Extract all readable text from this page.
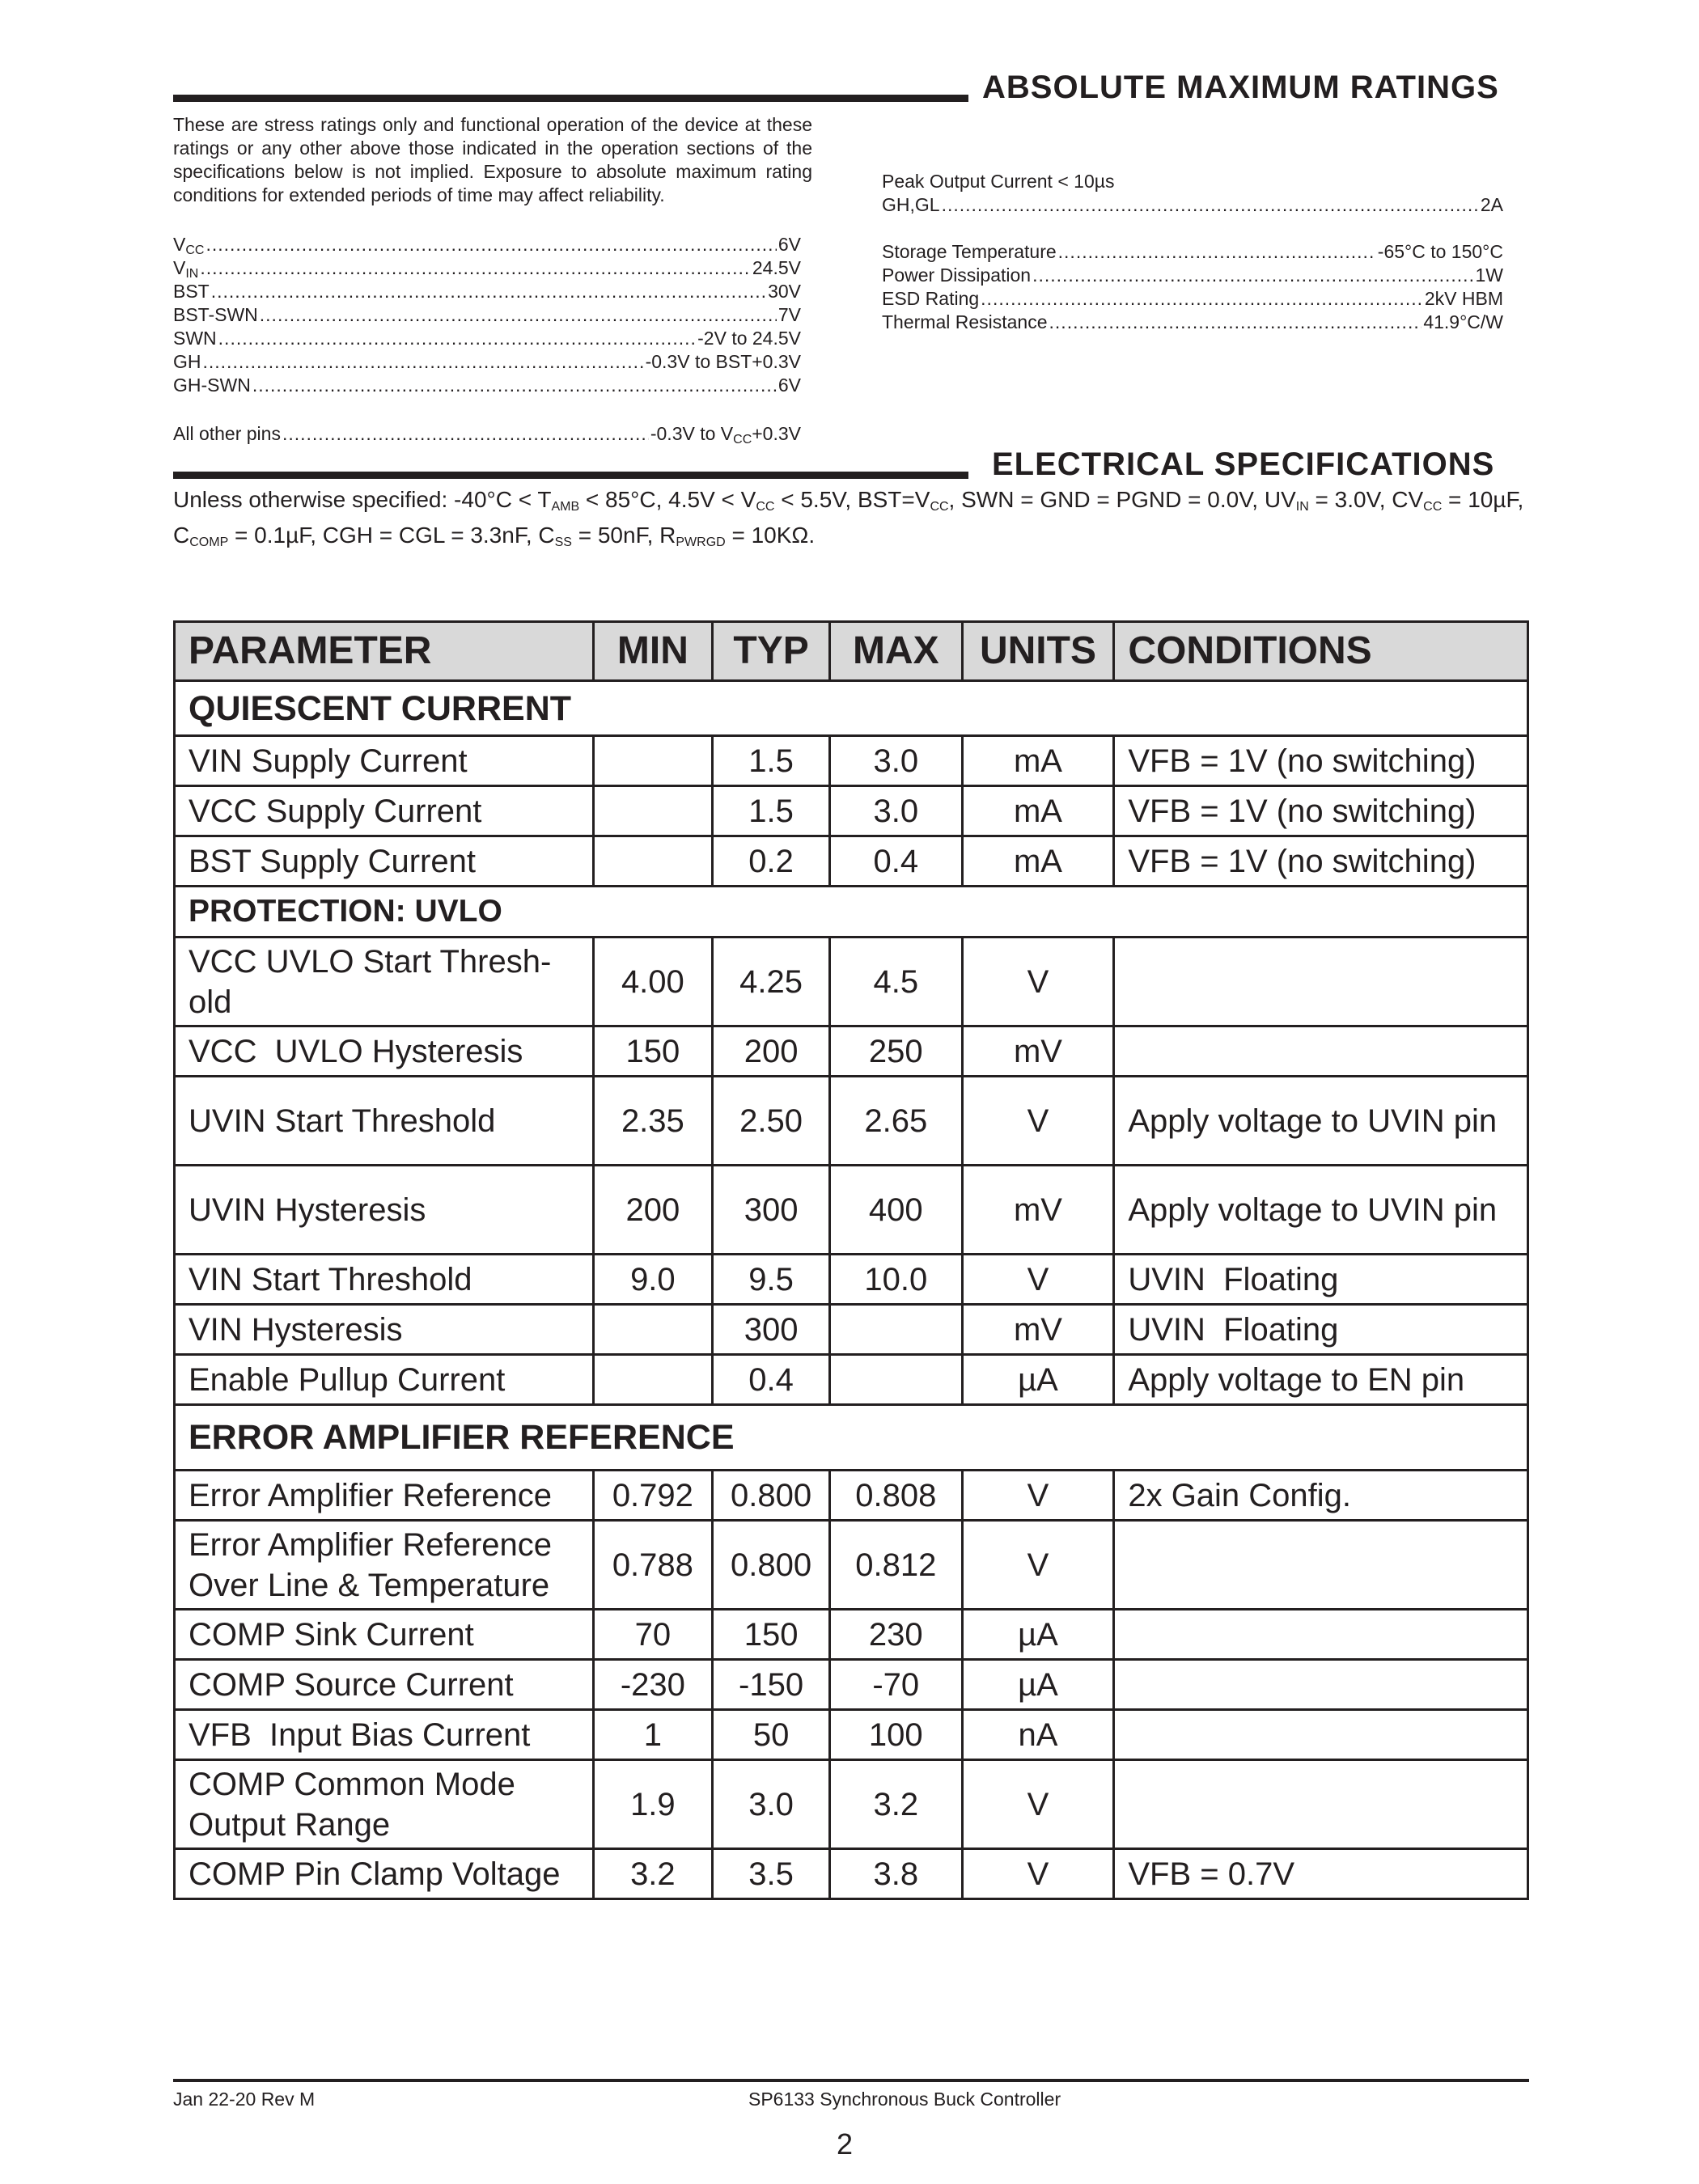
ABSOLUTE MAXIMUM RATINGS
These are stress ratings only and functional operation of the device at these ratings or any other above those indicated in the operation sections of the specifications below is not implied. Exposure to absolute maximum rating conditions for extended periods of time may affect reliability.
$V_{CC}$ .....	6V
$V_{IN}$ .....	24.5V
BST .....	30V
BST-SWN .....	7V
SWN .....	-2V to 24.5V
GH .....	-0.3V to BST+0.3V
GH-SWN .....	6V
All other pins .....	-0.3V to $V_{CC}+0.3V$
Peak Output Current < 10µs
GH,GL .....	2A
Storage Temperature .....	-65°C to 150°C
Power Dissipation .....	1W
ESD Rating .....	2kV HBM
Thermal Resistance .....	41.9°C/W
ELECTRICAL SPECIFICATIONS
Unless otherwise specified: $-40^\circ C < T_{AMB} < 85^\circ C$, $4.5V < V_{CC} < 5.5V$, $BST=V_{CC}$, SWN = GND = PGND = 0.0V, $UV_{IN} = 3.0V$, $CV_{CC} = 10\mu F$, $C_{COMP} = 0.1\mu F$, CGH = CGL = 3.3nF, $C_{SS} = 50nF$, $R_{PWRGD} = 10K\Omega$.
PARAMETER	MIN	TYP	MAX	UNITS	CONDITIONS
QUIESCENT CURRENT					
VIN Supply Current		1.5	3.0	mA	VFB = 1V (no switching)
VCC Supply Current		1.5	3.0	mA	VFB = 1V (no switching)
BST Supply Current		0.2	0.4	mA	VFB = 1V (no switching)
PROTECTION: UVLO					
VCC UVLO Start Thresh-old	4.00	4.25	4.5	V	
VCC  UVLO Hysteresis	150	200	250	mV	
UVIN Start Threshold	2.35	2.50	2.65	V	Apply voltage to UVIN pin
UVIN Hysteresis	200	300	400	mV	Apply voltage to UVIN pin
VIN Start Threshold	9.0	9.5	10.0	V	UVIN  Floating
VIN Hysteresis		300		mV	UVIN  Floating
Enable Pullup Current		0.4		µA	Apply voltage to EN pin
ERROR AMPLIFIER REFERENCE					
Error Amplifier Reference	0.792	0.800	0.808	V	2x Gain Config.
Error Amplifier Reference Over Line & Temperature	0.788	0.800	0.812	V	
COMP Sink Current	70	150	230	µA	
COMP Source Current	-230	-150	-70	µA	
VFB  Input Bias Current	1	50	100	nA	
COMP Common Mode Output Range	1.9	3.0	3.2	V	
COMP Pin Clamp Voltage	3.2	3.5	3.8	V	VFB = 0.7V
Jan 22-20 Rev M	SP6133 Synchronous Buck Controller
2
